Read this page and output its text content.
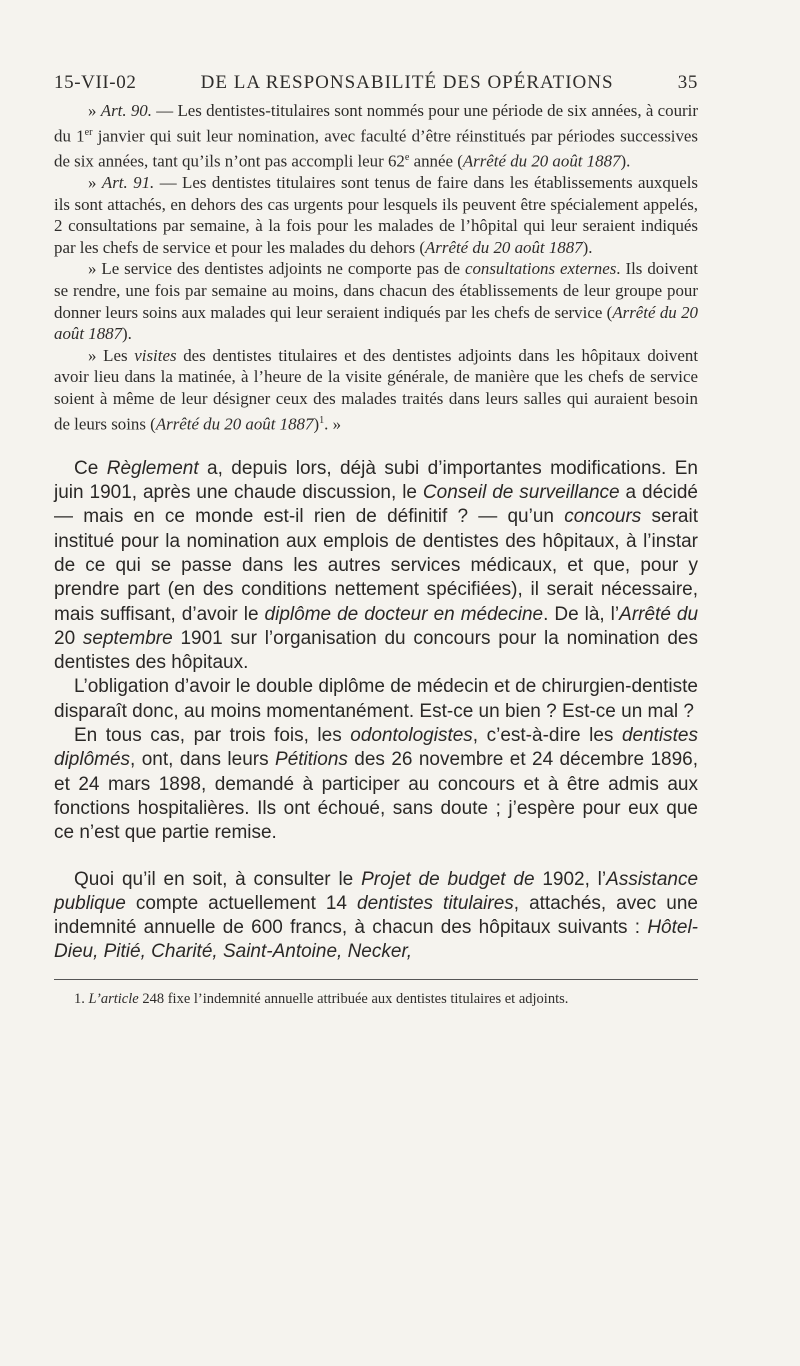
15-VII-02	DE LA RESPONSABILITÉ DES OPÉRATIONS	35

» Art. 90. — Les dentistes-titulaires sont nommés pour une période de six années, à courir du 1er janvier qui suit leur nomination, avec faculté d’être réinstitués par périodes successives de six années, tant qu’ils n’ont pas accompli leur 62e année (Arrêté du 20 août 1887).

» Art. 91. — Les dentistes titulaires sont tenus de faire dans les établissements auxquels ils sont attachés, en dehors des cas urgents pour lesquels ils peuvent être spécialement appelés, 2 consultations par semaine, à la fois pour les malades de l’hôpital qui leur seraient indiqués par les chefs de service et pour les malades du dehors (Arrêté du 20 août 1887).

» Le service des dentistes adjoints ne comporte pas de consultations externes. Ils doivent se rendre, une fois par semaine au moins, dans chacun des établissements de leur groupe pour donner leurs soins aux malades qui leur seraient indiqués par les chefs de service (Arrêté du 20 août 1887).

» Les visites des dentistes titulaires et des dentistes adjoints dans les hôpitaux doivent avoir lieu dans la matinée, à l’heure de la visite générale, de manière que les chefs de service soient à même de leur désigner ceux des malades traités dans leurs salles qui auraient besoin de leurs soins (Arrêté du 20 août 1887)$^1$. »

Ce Règlement a, depuis lors, déjà subi d’importantes modifications. En juin 1901, après une chaude discussion, le Conseil de surveillance a décidé — mais en ce monde est-il rien de définitif ? — qu’un concours serait institué pour la nomination aux emplois de dentistes des hôpitaux, à l’instar de ce qui se passe dans les autres services médicaux, et que, pour y prendre part (en des conditions nettement spécifiées), il serait nécessaire, mais suffisant, d’avoir le diplôme de docteur en médecine. De là, l’Arrêté du 20 septembre 1901 sur l’organisation du concours pour la nomination des dentistes des hôpitaux.

L’obligation d’avoir le double diplôme de médecin et de chirurgien-dentiste disparaît donc, au moins momentanément. Est-ce un bien ? Est-ce un mal ?

En tous cas, par trois fois, les odontologistes, c’est-à-dire les dentistes diplômés, ont, dans leurs Pétitions des 26 novembre et 24 décembre 1896, et 24 mars 1898, demandé à participer au concours et à être admis aux fonctions hospitalières. Ils ont échoué, sans doute ; j’espère pour eux que ce n’est que partie remise.

Quoi qu’il en soit, à consulter le Projet de budget de 1902, l’Assistance publique compte actuellement 14 dentistes titulaires, attachés, avec une indemnité annuelle de 600 francs, à chacun des hôpitaux suivants : Hôtel-Dieu, Pitié, Charité, Saint-Antoine, Necker,

1. L’article 248 fixe l’indemnité annuelle attribuée aux dentistes titulaires et adjoints.
